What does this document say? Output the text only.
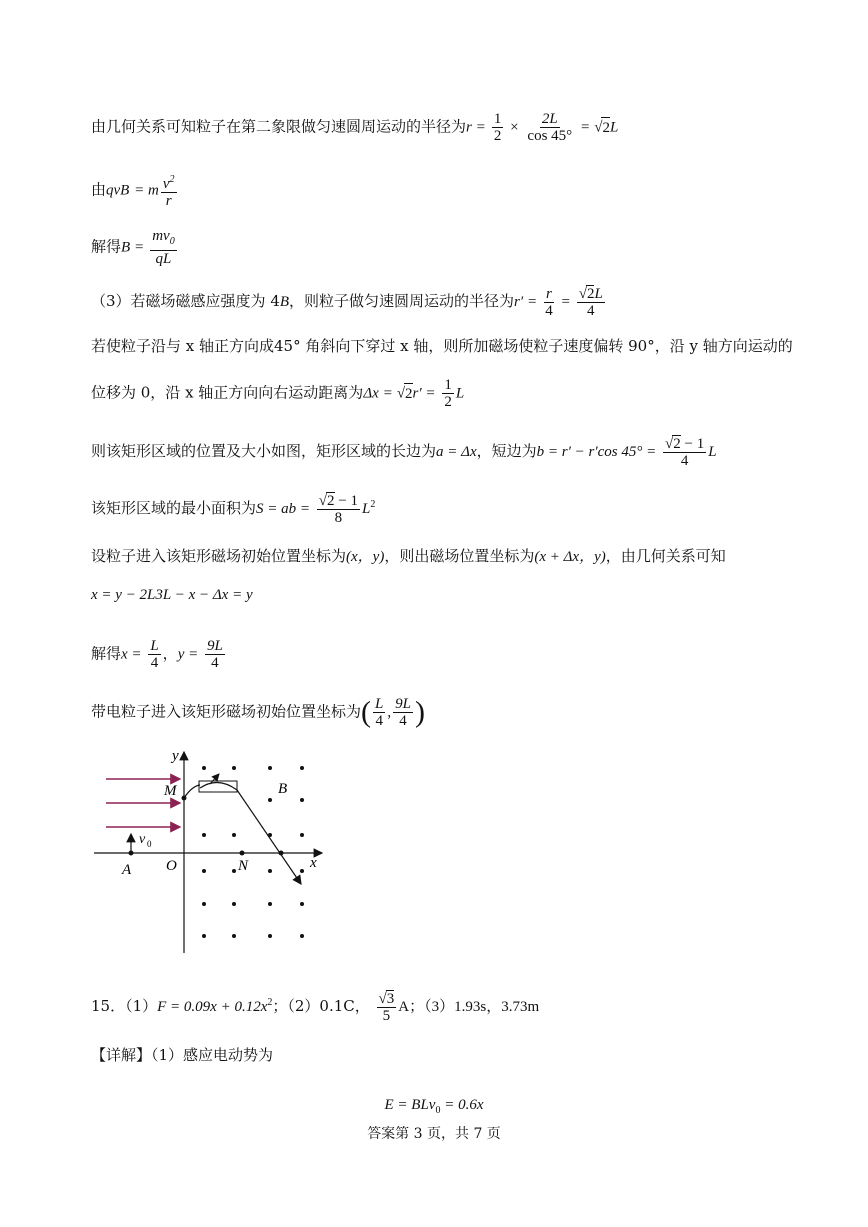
由几何关系可知粒子在第二象限做匀速圆周运动的半径为$r = \frac{1}{2} \times \frac{2L}{\cos 45^\circ} = √2L$
由qvB = m $\frac{v^2}{r}$
解得$B = \frac{mv_0}{qL}$
（3）若磁场磁感应强度为 4B，则粒子做匀速圆周运动的半径为$r' = \frac{r}{4} = \frac{√2L}{4}$
若使粒子沿与 x 轴正方向成45° 角斜向下穿过 x 轴，则所加磁场使粒子速度偏转 90°，沿 y 轴方向运动的
位移为 0，沿 x 轴正方向向右运动距离为$\Delta x = √2r' = \frac{1}{2}$ L
则该矩形区域的位置及大小如图，矩形区域的长边为a = Δx，短边为b = r′ − r′cos $45^\circ = \frac{√2 - 1}{4}$ L
该矩形区域的最小面积为S = ab = $\frac{√2 - 1}{8} L^2$
设粒子进入该矩形磁场初始位置坐标为(x，y)，则出磁场位置坐标为(x + Δx，y)，由几何关系可知
x = y − 2L3L − x − Δx = y
解得$x = \frac{L}{4}$ ，$y = \frac{9L}{4}$
带电粒子进入该矩形磁场初始位置坐标为( $\frac{L}{4}$ , $\frac{9L}{4}$ )
y
x
M	B
O	N
A
v 0
15．$(1)F = 0.09x + 0.12x^2$；（2）0.1C， $\frac{√3}{5}$ A；（3）1.93s，3.73m
【详解】（1）感应电动势为
E = BLv$_0$ = 0.6x
答案第 3 页，共 7 页
